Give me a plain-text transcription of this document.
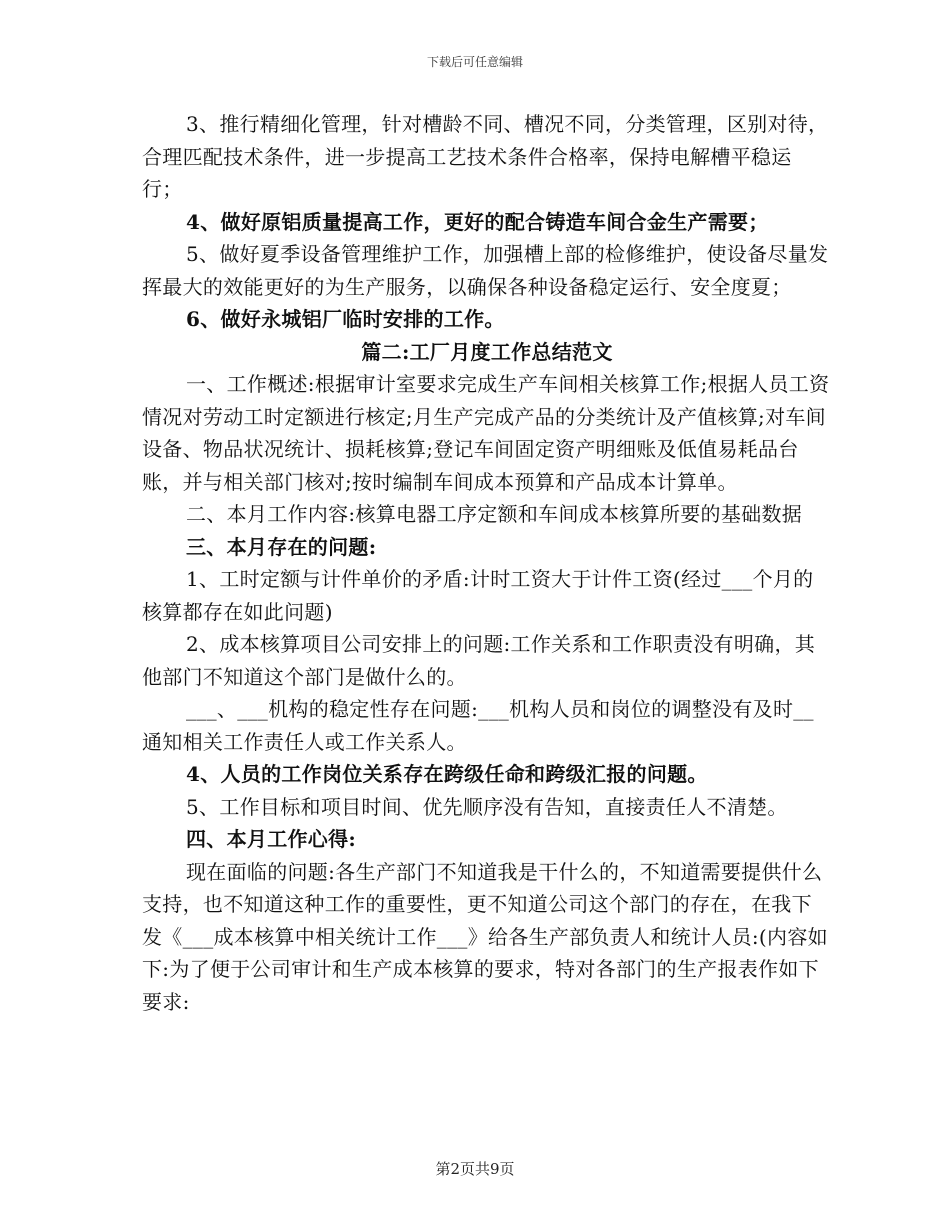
下载后可任意编辑

3、推行精细化管理，针对槽龄不同、槽况不同，分类管理，区别对待，合理匹配技术条件，进一步提高工艺技术条件合格率，保持电解槽平稳运行；

4、做好原铝质量提高工作，更好的配合铸造车间合金生产需要；

5、做好夏季设备管理维护工作，加强槽上部的检修维护，使设备尽量发挥最大的效能更好的为生产服务，以确保各种设备稳定运行、安全度夏；

6、做好永城铝厂临时安排的工作。

篇二:工厂月度工作总结范文

一、工作概述:根据审计室要求完成生产车间相关核算工作;根据人员工资情况对劳动工时定额进行核定;月生产完成产品的分类统计及产值核算;对车间设备、物品状况统计、损耗核算;登记车间固定资产明细账及低值易耗品台账，并与相关部门核对;按时编制车间成本预算和产品成本计算单。

二、本月工作内容:核算电器工序定额和车间成本核算所要的基础数据

三、本月存在的问题:

1、工时定额与计件单价的矛盾:计时工资大于计件工资(经过___个月的核算都存在如此问题)

2、成本核算项目公司安排上的问题:工作关系和工作职责没有明确，其他部门不知道这个部门是做什么的。

___、___机构的稳定性存在问题:___机构人员和岗位的调整没有及时__通知相关工作责任人或工作关系人。

4、人员的工作岗位关系存在跨级任命和跨级汇报的问题。

5、工作目标和项目时间、优先顺序没有告知，直接责任人不清楚。

四、本月工作心得:

现在面临的问题:各生产部门不知道我是干什么的，不知道需要提供什么支持，也不知道这种工作的重要性，更不知道公司这个部门的存在，在我下发《___成本核算中相关统计工作___》给各生产部负责人和统计人员:(内容如下:为了便于公司审计和生产成本核算的要求，特对各部门的生产报表作如下要求:

第2页共9页
